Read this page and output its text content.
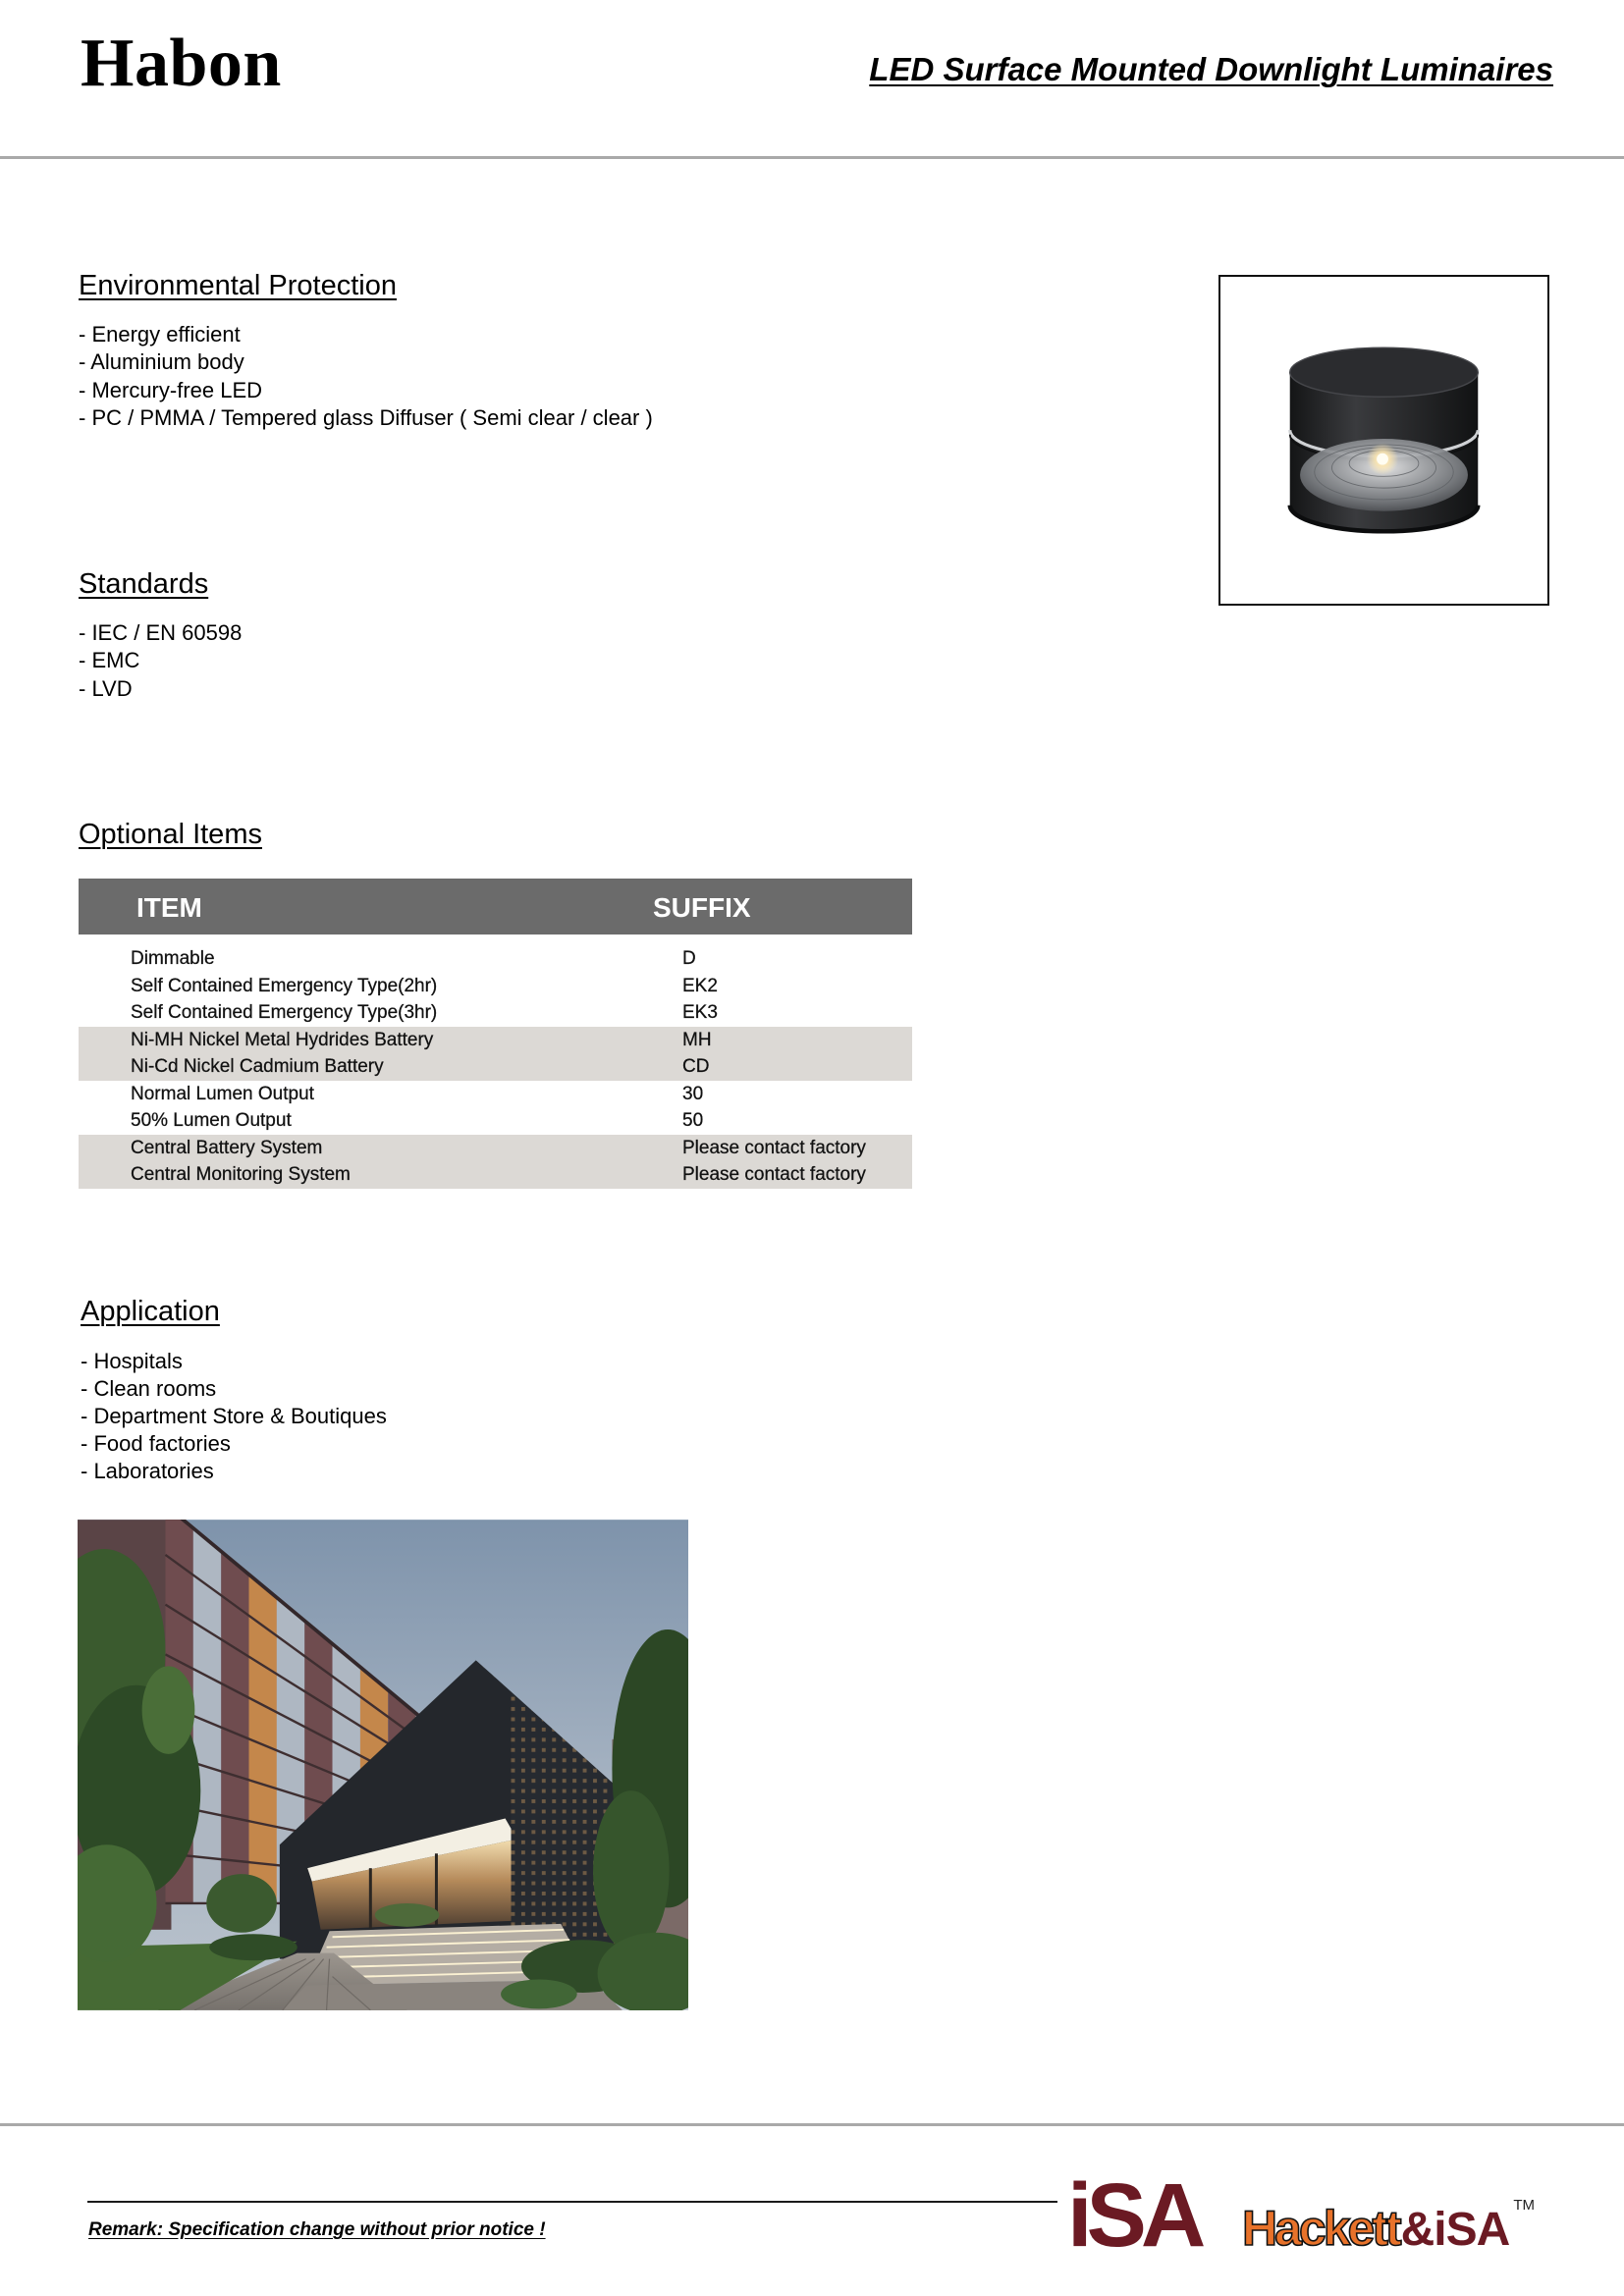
Habon	LED Surface Mounted Downlight Luminaires
Environmental Protection
- Energy efficient
- Aluminium body
- Mercury-free LED
- PC / PMMA / Tempered glass Diffuser ( Semi clear / clear )
Standards
- IEC / EN 60598
- EMC
- LVD
Optional Items
ITEM	SUFFIX
Dimmable	D
Self Contained Emergency Type(2hr)	EK2
Self Contained Emergency Type(3hr)	EK3
Ni-MH Nickel Metal Hydrides Battery	MH
Ni-Cd Nickel Cadmium Battery	CD
Normal Lumen Output	30
50% Lumen Output	50
Central Battery System	Please contact factory
Central Monitoring System	Please contact factory
Application
- Hospitals
- Clean rooms
- Department Store & Boutiques
- Food factories
- Laboratories
Remark: Specification change without prior notice !	iSA Hackett &iSA TM
